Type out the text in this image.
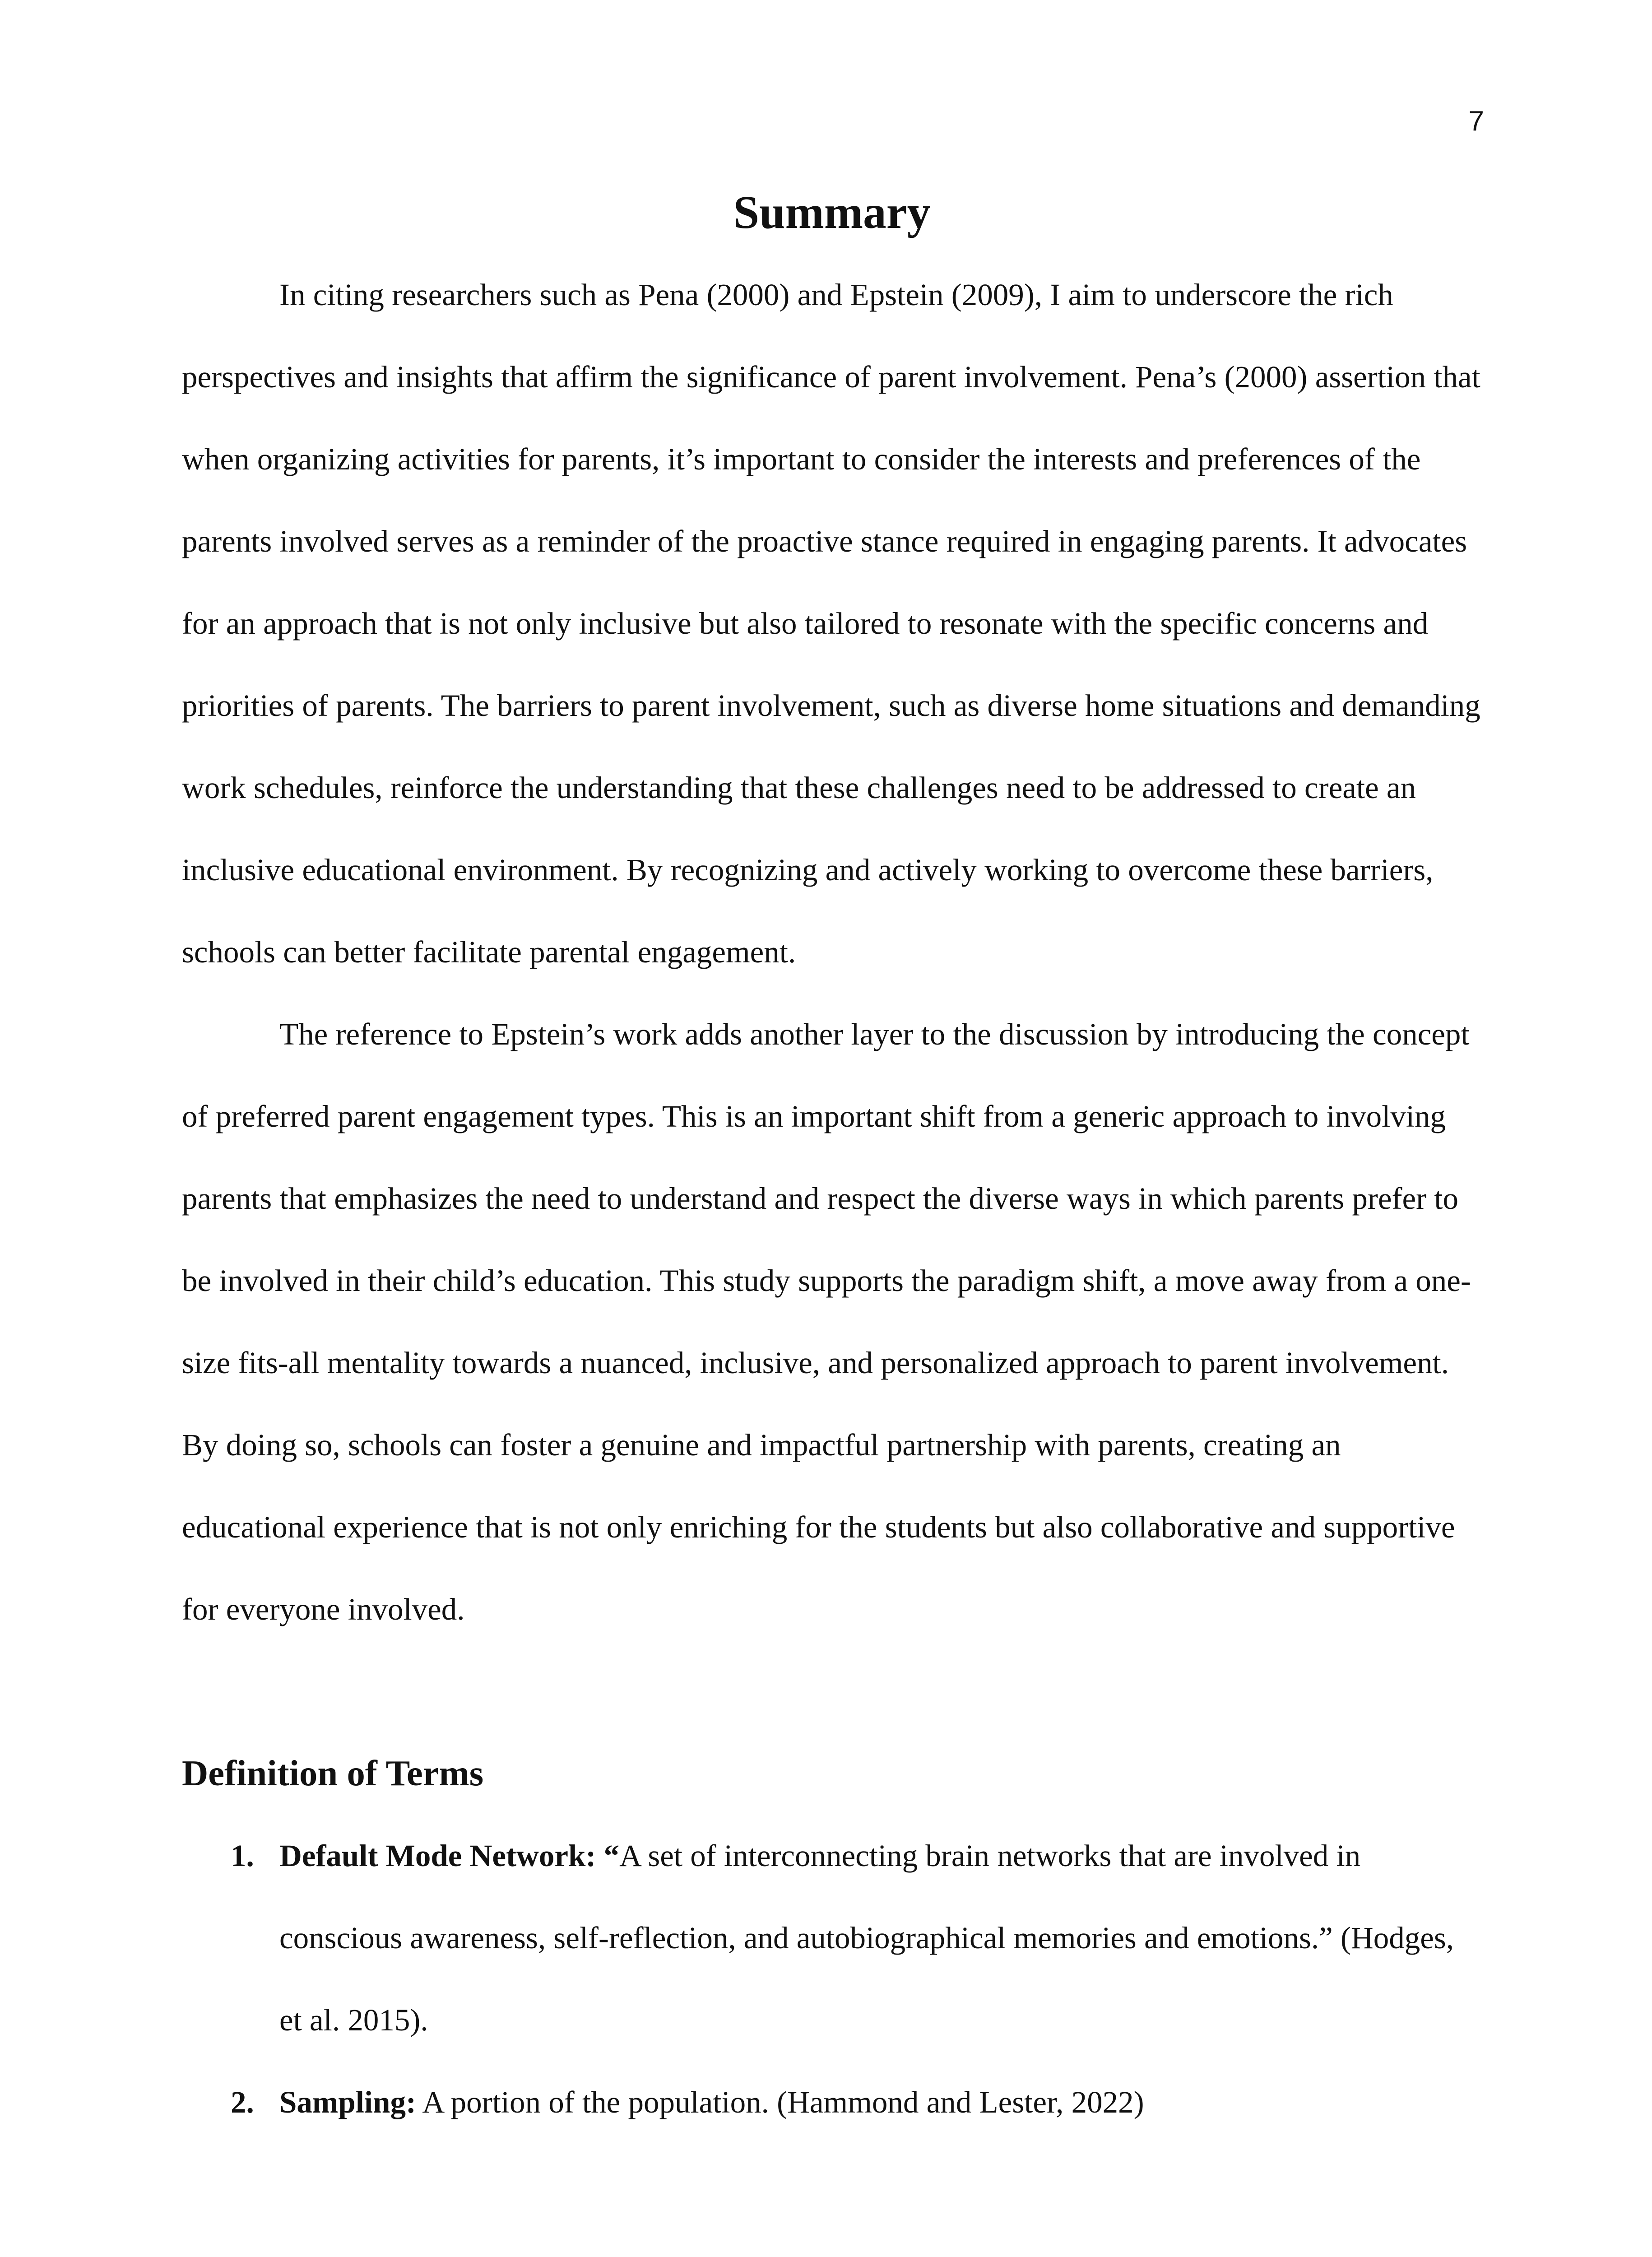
7
Summary

In citing researchers such as Pena (2000) and Epstein (2009), I aim to underscore the rich perspectives and insights that affirm the significance of parent involvement. Pena’s (2000) assertion that when organizing activities for parents, it’s important to consider the interests and preferences of the parents involved serves as a reminder of the proactive stance required in engaging parents. It advocates for an approach that is not only inclusive but also tailored to resonate with the specific concerns and priorities of parents. The barriers to parent involvement, such as diverse home situations and demanding work schedules, reinforce the understanding that these challenges need to be addressed to create an inclusive educational environment. By recognizing and actively working to overcome these barriers, schools can better facilitate parental engagement.

The reference to Epstein’s work adds another layer to the discussion by introducing the concept of preferred parent engagement types. This is an important shift from a generic approach to involving parents that emphasizes the need to understand and respect the diverse ways in which parents prefer to be involved in their child’s education. This study supports the paradigm shift, a move away from a one-size fits-all mentality towards a nuanced, inclusive, and personalized approach to parent involvement. By doing so, schools can foster a genuine and impactful partnership with parents, creating an educational experience that is not only enriching for the students but also collaborative and supportive for everyone involved.

Definition of Terms
1. Default Mode Network: “A set of interconnecting brain networks that are involved in conscious awareness, self-reflection, and autobiographical memories and emotions.” (Hodges, et al. 2015).
2. Sampling: A portion of the population. (Hammond and Lester, 2022)
